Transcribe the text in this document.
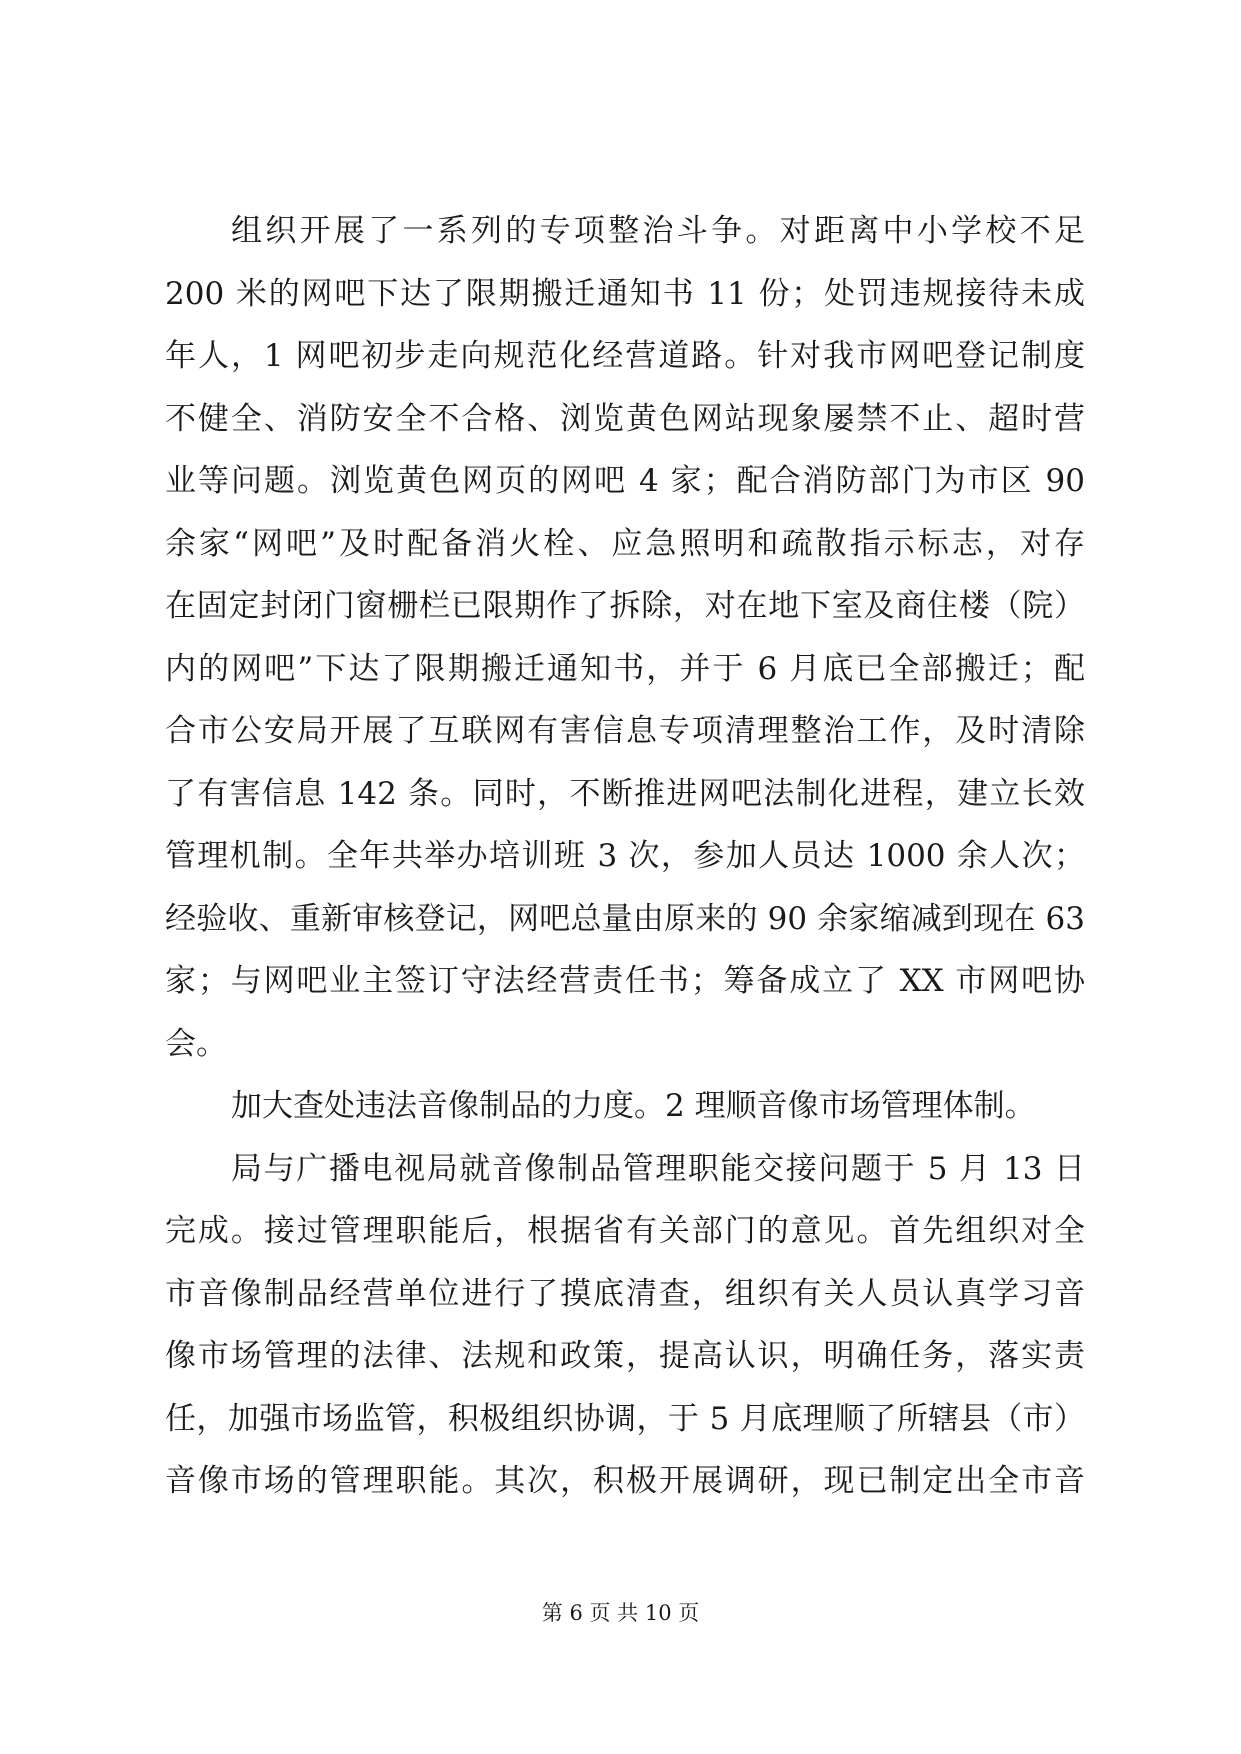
组织开展了一系列的专项整治斗争。对距离中小学校不足
200 米的网吧下达了限期搬迁通知书 11 份；处罚违规接待未成
年人，1 网吧初步走向规范化经营道路。针对我市网吧登记制度
不健全、消防安全不合格、浏览黄色网站现象屡禁不止、超时营
业等问题。浏览黄色网页的网吧 4 家；配合消防部门为市区 90
余家“网吧”及时配备消火栓、应急照明和疏散指示标志，对存
在固定封闭门窗栅栏已限期作了拆除，对在地下室及商住楼（院）
内的网吧”下达了限期搬迁通知书，并于 6 月底已全部搬迁；配
合市公安局开展了互联网有害信息专项清理整治工作，及时清除
了有害信息 142 条。同时，不断推进网吧法制化进程，建立长效
管理机制。全年共举办培训班 3 次，参加人员达 1000 余人次；
经验收、重新审核登记，网吧总量由原来的 90 余家缩减到现在 63
家；与网吧业主签订守法经营责任书；筹备成立了 XX 市网吧协
会。
加大查处违法音像制品的力度。2 理顺音像市场管理体制。
局与广播电视局就音像制品管理职能交接问题于 5 月 13 日
完成。接过管理职能后，根据省有关部门的意见。首先组织对全
市音像制品经营单位进行了摸底清查，组织有关人员认真学习音
像市场管理的法律、法规和政策，提高认识，明确任务，落实责
任，加强市场监管，积极组织协调，于 5 月底理顺了所辖县（市）
音像市场的管理职能。其次，积极开展调研，现已制定出全市音
第 6 页 共 10 页
